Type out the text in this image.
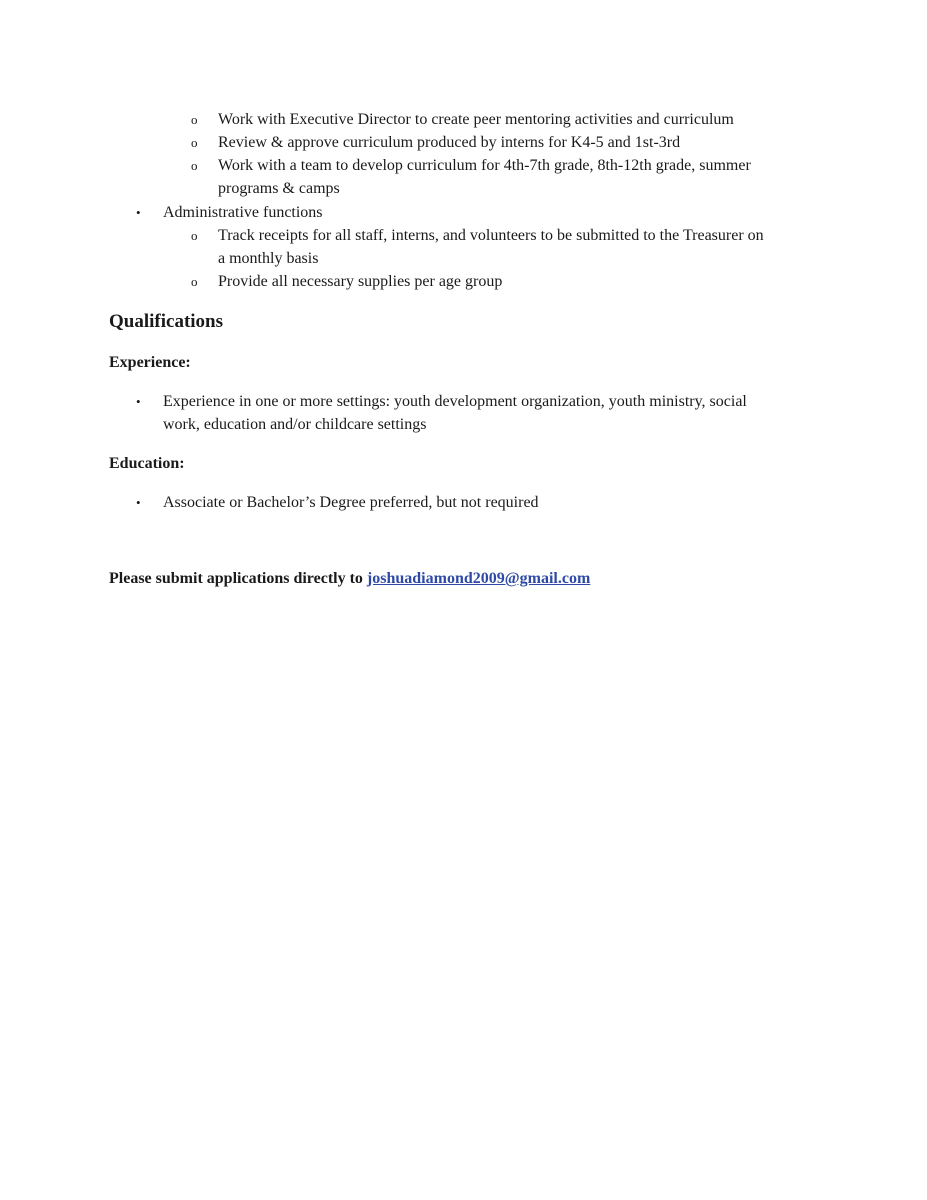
o Work with Executive Director to create peer mentoring activities and curriculum
o Review & approve curriculum produced by interns for K4-5 and 1st-3rd
o Work with a team to develop curriculum for 4th-7th grade, 8th-12th grade, summer
programs & camps
• Administrative functions
o Track receipts for all staff, interns, and volunteers to be submitted to the Treasurer on
a monthly basis
o Provide all necessary supplies per age group
Qualifications
Experience:
• Experience in one or more settings: youth development organization, youth ministry, social
work, education and/or childcare settings
Education:
• Associate or Bachelor’s Degree preferred, but not required
Please submit applications directly to joshuadiamond2009@gmail.com
